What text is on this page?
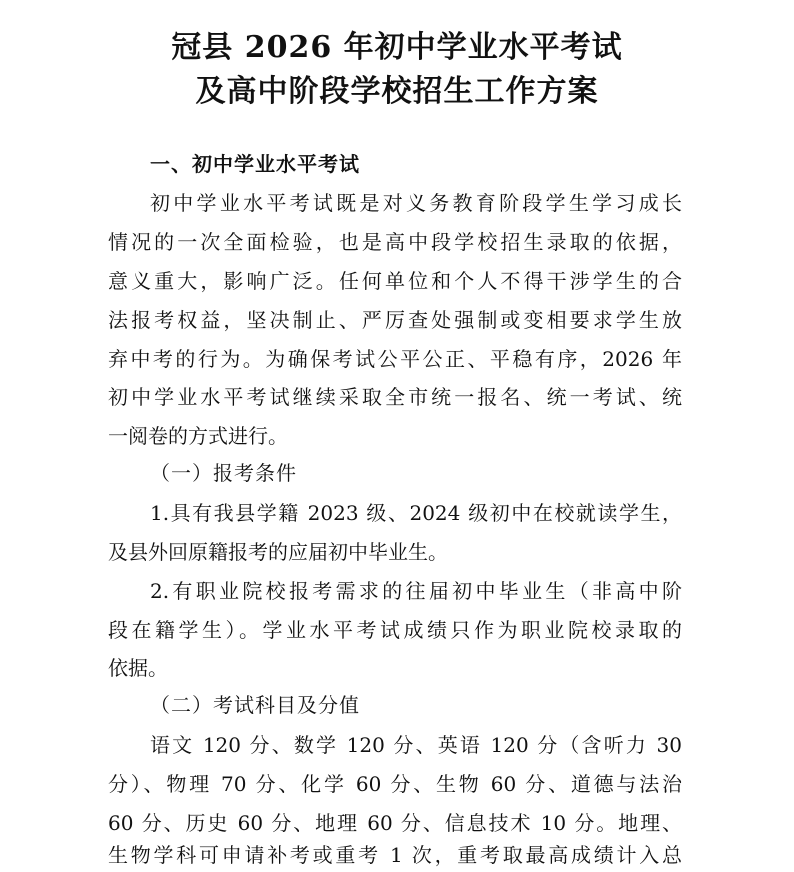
冠县 2026 年初中学业水平考试
及高中阶段学校招生工作方案
一、初中学业水平考试
初中学业水平考试既是对义务教育阶段学生学习成长
情况的一次全面检验，也是高中段学校招生录取的依据，
意义重大，影响广泛。任何单位和个人不得干涉学生的合
法报考权益，坚决制止、严厉查处强制或变相要求学生放
弃中考的行为。为确保考试公平公正、平稳有序，2026 年
初中学业水平考试继续采取全市统一报名、统一考试、统
一阅卷的方式进行。
（一）报考条件
1.具有我县学籍 2023 级、2024 级初中在校就读学生，
及县外回原籍报考的应届初中毕业生。
2.有职业院校报考需求的往届初中毕业生（非高中阶
段在籍学生）。学业水平考试成绩只作为职业院校录取的
依据。
（二）考试科目及分值
语文 120 分、数学 120 分、英语 120 分（含听力 30
分）、物理 70 分、化学 60 分、生物 60 分、道德与法治
60 分、历史 60 分、地理 60 分、信息技术 10 分。地理、
生物学科可申请补考或重考 1 次，重考取最高成绩计入总
